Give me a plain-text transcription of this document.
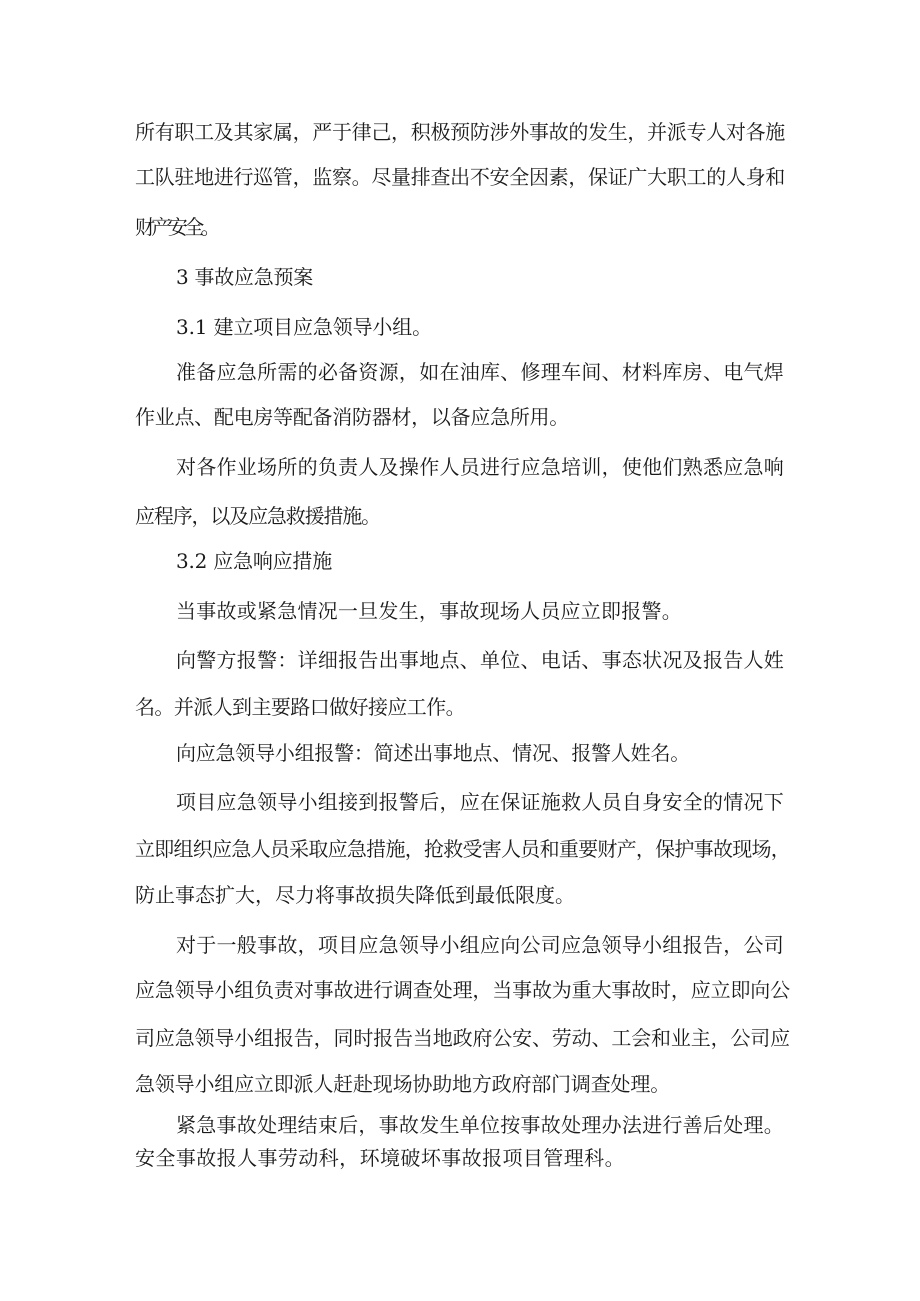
所有职工及其家属，严于律己，积极预防涉外事故的发生，并派专人对各施
工队驻地进行巡管，监察。尽量排查出不安全因素，保证广大职工的人身和
财产安全。
3 事故应急预案
3.1 建立项目应急领导小组。
准备应急所需的必备资源，如在油库、修理车间、材料库房、电气焊
作业点、配电房等配备消防器材，以备应急所用。
对各作业场所的负责人及操作人员进行应急培训，使他们熟悉应急响
应程序，以及应急救援措施。
3.2 应急响应措施
当事故或紧急情况一旦发生，事故现场人员应立即报警。
向警方报警：详细报告出事地点、单位、电话、事态状况及报告人姓
名。并派人到主要路口做好接应工作。
向应急领导小组报警：简述出事地点、情况、报警人姓名。
项目应急领导小组接到报警后，应在保证施救人员自身安全的情况下
立即组织应急人员采取应急措施，抢救受害人员和重要财产，保护事故现场，
防止事态扩大，尽力将事故损失降低到最低限度。
对于一般事故，项目应急领导小组应向公司应急领导小组报告，公司
应急领导小组负责对事故进行调查处理，当事故为重大事故时，应立即向公
司应急领导小组报告，同时报告当地政府公安、劳动、工会和业主，公司应
急领导小组应立即派人赶赴现场协助地方政府部门调查处理。
紧急事故处理结束后，事故发生单位按事故处理办法进行善后处理。
安全事故报人事劳动科，环境破坏事故报项目管理科。
